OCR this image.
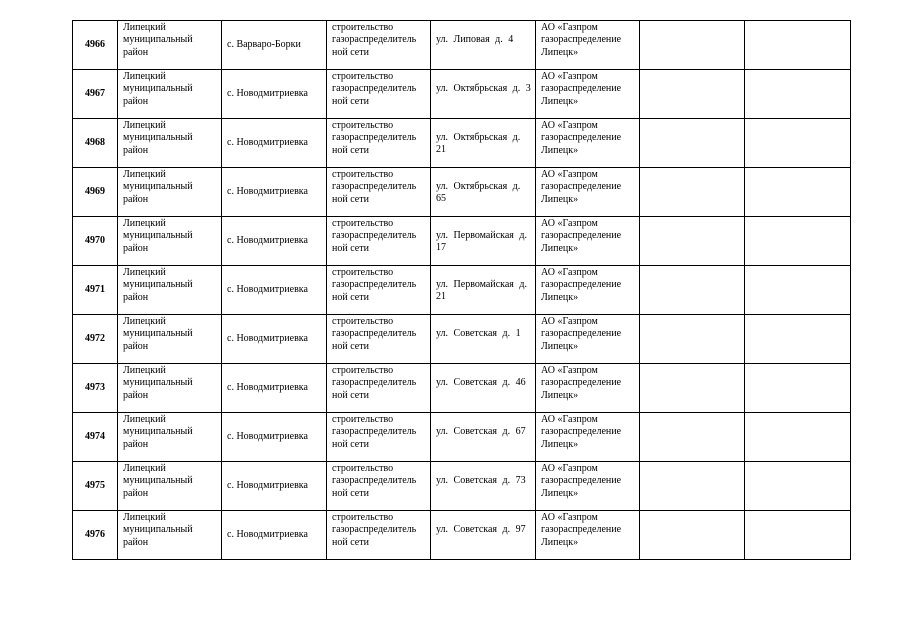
4966	Липецкий муниципальный район	с. Варваро-Борки	строительство газораспределитель ной сети	ул. Липовая д. 4	АО «Газпром газораспределение Липецк»		
4967	Липецкий муниципальный район	с. Новодмитриевка	строительство газораспределитель ной сети	ул. Октябрьская д. 3	АО «Газпром газораспределение Липецк»		
4968	Липецкий муниципальный район	с. Новодмитриевка	строительство газораспределитель ной сети	ул. Октябрьская д. 21	АО «Газпром газораспределение Липецк»		
4969	Липецкий муниципальный район	с. Новодмитриевка	строительство газораспределитель ной сети	ул. Октябрьская д. 65	АО «Газпром газораспределение Липецк»		
4970	Липецкий муниципальный район	с. Новодмитриевка	строительство газораспределитель ной сети	ул. Первомайская д. 17	АО «Газпром газораспределение Липецк»		
4971	Липецкий муниципальный район	с. Новодмитриевка	строительство газораспределитель ной сети	ул. Первомайская д. 21	АО «Газпром газораспределение Липецк»		
4972	Липецкий муниципальный район	с. Новодмитриевка	строительство газораспределитель ной сети	ул. Советская д. 1	АО «Газпром газораспределение Липецк»		
4973	Липецкий муниципальный район	с. Новодмитриевка	строительство газораспределитель ной сети	ул. Советская д. 46	АО «Газпром газораспределение Липецк»		
4974	Липецкий муниципальный район	с. Новодмитриевка	строительство газораспределитель ной сети	ул. Советская д. 67	АО «Газпром газораспределение Липецк»		
4975	Липецкий муниципальный район	с. Новодмитриевка	строительство газораспределитель ной сети	ул. Советская д. 73	АО «Газпром газораспределение Липецк»		
4976	Липецкий муниципальный район	с. Новодмитриевка	строительство газораспределитель ной сети	ул. Советская д. 97	АО «Газпром газораспределение Липецк»		
